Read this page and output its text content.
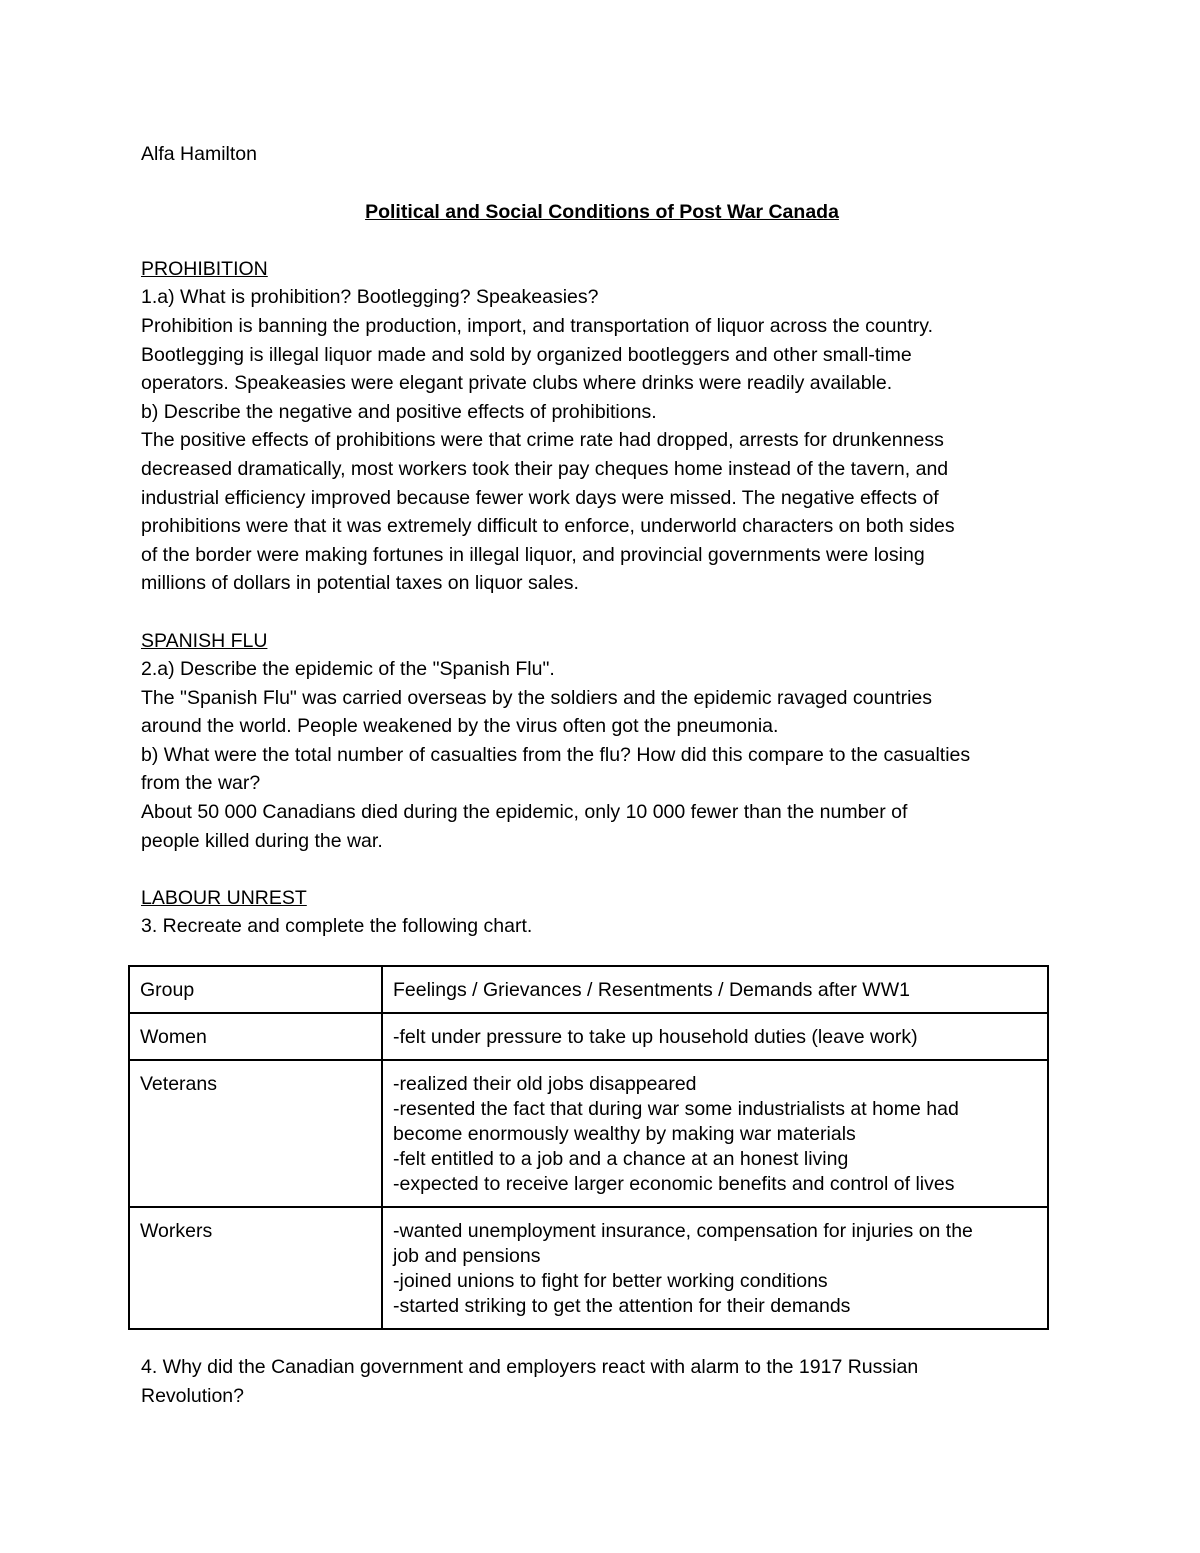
Alfa Hamilton
Political and Social Conditions of Post War Canada
PROHIBITION
1.a) What is prohibition? Bootlegging? Speakeasies?
Prohibition is banning the production, import, and transportation of liquor across the country.
Bootlegging is illegal liquor made and sold by organized bootleggers and other small-time
operators. Speakeasies were elegant private clubs where drinks were readily available.
b) Describe the negative and positive effects of prohibitions.
The positive effects of prohibitions were that crime rate had dropped, arrests for drunkenness
decreased dramatically, most workers took their pay cheques home instead of the tavern, and
industrial efficiency improved because fewer work days were missed. The negative effects of
prohibitions were that it was extremely difficult to enforce, underworld characters on both sides
of the border were making fortunes in illegal liquor, and provincial governments were losing
millions of dollars in potential taxes on liquor sales.
SPANISH FLU
2.a) Describe the epidemic of the "Spanish Flu".
The "Spanish Flu" was carried overseas by the soldiers and the epidemic ravaged countries
around the world. People weakened by the virus often got the pneumonia.
b) What were the total number of casualties from the flu? How did this compare to the casualties
from the war?
About 50 000 Canadians died during the epidemic, only 10 000 fewer than the number of
people killed during the war.
LABOUR UNREST
3. Recreate and complete the following chart.
Group	Feelings / Grievances / Resentments / Demands after WW1
Women	-felt under pressure to take up household duties (leave work)

Veterans	-realized their old jobs disappeared
-resented the fact that during war some industrialists at home had
become enormously wealthy by making war materials
-felt entitled to a job and a chance at an honest living
-expected to receive larger economic benefits and control of lives

Workers	-wanted unemployment insurance, compensation for injuries on the
job and pensions
-joined unions to fight for better working conditions
-started striking to get the attention for their demands
4. Why did the Canadian government and employers react with alarm to the 1917 Russian
Revolution?
